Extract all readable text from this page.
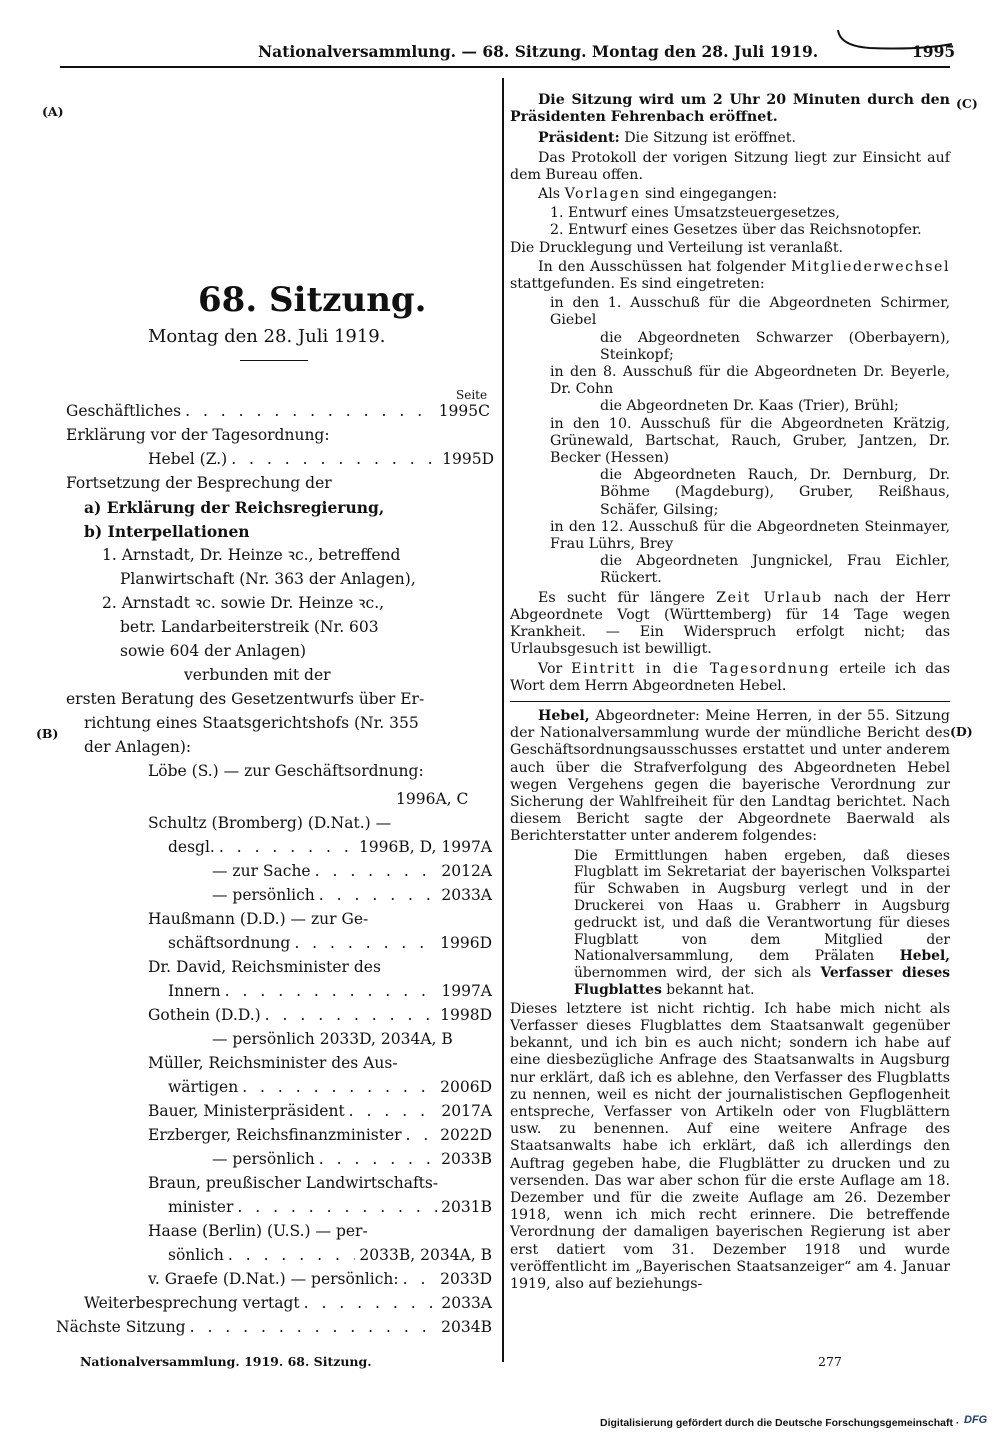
Nationalversammlung. — 68. Sitzung. Montag den 28. Juli 1919.	1995
(A)
(B)
(C)
(D)
68. Sitzung.
Montag den 28. Juli 1919.
Seite
Geschäftliches . . .	1995C
Erklärung vor der Tagesordnung:
Hebel (Z.) . . .	1995D
Fortsetzung der Besprechung der
a) Erklärung der Reichsregierung,
b) Interpellationen
1. Arnstadt, Dr. Heinze ꝛc., betreffend
Planwirtschaft (Nr. 363 der Anlagen),
2. Arnstadt ꝛc. sowie Dr. Heinze ꝛc.,
betr. Landarbeiterstreik (Nr. 603
sowie 604 der Anlagen)
verbunden mit der
ersten Beratung des Gesetzentwurfs über Er-
richtung eines Staatsgerichtshofs (Nr. 355
der Anlagen):
Löbe (S.) — zur Geschäftsordnung:
1996A, C
Schultz (Bromberg) (D.Nat.) —
desgl. . . .	1996B, D, 1997A
— zur Sache . . .	2012A
— persönlich . . .	2033A
Haußmann (D.D.) — zur Ge-
schäftsordnung . . .	1996D
Dr. David, Reichsminister des
Innern . . .	1997A
Gothein (D.D.) . . .	1998D
— persönlich 2033D, 2034A, B
Müller, Reichsminister des Aus-
wärtigen . . .	2006D
Bauer, Ministerpräsident . . .	2017A
Erzberger, Reichsfinanzminister . . . 2022D
— persönlich . . .	2033B
Braun, preußischer Landwirtschafts-
minister . . .	2031B
Haase (Berlin) (U.S.) — per-
sönlich . . .	2033B, 2034A, B
v. Graefe (D.Nat.) — persönlich: . . .	2033D
Weiterbesprechung vertagt . . .	2033A
Nächste Sitzung . . .	2034B

Die Sitzung wird um 2 Uhr 20 Minuten durch den Präsidenten Fehrenbach eröffnet.

Präsident: Die Sitzung ist eröffnet.

Das Protokoll der vorigen Sitzung liegt zur Einsicht auf dem Bureau offen.

Als Vorlagen sind eingegangen:

1. Entwurf eines Umsatzsteuergesetzes,

2. Entwurf eines Gesetzes über das Reichsnotopfer.

Die Drucklegung und Verteilung ist veranlaßt.

In den Ausschüssen hat folgender Mitgliederwechsel stattgefunden. Es sind eingetreten:

in den 1. Ausschuß für die Abgeordneten Schirmer, Giebel

die Abgeordneten Schwarzer (Oberbayern), Steinkopf;

in den 8. Ausschuß für die Abgeordneten Dr. Beyerle, Dr. Cohn

die Abgeordneten Dr. Kaas (Trier), Brühl;

in den 10. Ausschuß für die Abgeordneten Krätzig, Grünewald, Bartschat, Rauch, Gruber, Jantzen, Dr. Becker (Hessen)

die Abgeordneten Rauch, Dr. Dernburg, Dr. Böhme (Magdeburg), Gruber, Reißhaus, Schäfer, Gilsing;

in den 12. Ausschuß für die Abgeordneten Steinmayer, Frau Lührs, Brey

die Abgeordneten Jungnickel, Frau Eichler, Rückert.

Es sucht für längere Zeit Urlaub nach der Herr Abgeordnete Vogt (Württemberg) für 14 Tage wegen Krankheit. — Ein Widerspruch erfolgt nicht; das Urlaubsgesuch ist bewilligt.

Vor Eintritt in die Tagesordnung erteile ich das Wort dem Herrn Abgeordneten Hebel.

Hebel, Abgeordneter: Meine Herren, in der 55. Sitzung der Nationalversammlung wurde der mündliche Bericht des Geschäftsordnungsausschusses erstattet und unter anderem auch über die Strafverfolgung des Abgeordneten Hebel wegen Vergehens gegen die bayerische Verordnung zur Sicherung der Wahlfreiheit für den Landtag berichtet. Nach diesem Bericht sagte der Abgeordnete Baerwald als Berichterstatter unter anderem folgendes:

Die Ermittlungen haben ergeben, daß dieses Flugblatt im Sekretariat der bayerischen Volkspartei für Schwaben in Augsburg verlegt und in der Druckerei von Haas u. Grabherr in Augsburg gedruckt ist, und daß die Verantwortung für dieses Flugblatt von dem Mitglied der Nationalversammlung, dem Prälaten Hebel, übernommen wird, der sich als Verfasser dieses Flugblattes bekannt hat.

Dieses letztere ist nicht richtig. Ich habe mich nicht als Verfasser dieses Flugblattes dem Staatsanwalt gegenüber bekannt, und ich bin es auch nicht; sondern ich habe auf eine diesbezügliche Anfrage des Staatsanwalts in Augsburg nur erklärt, daß ich es ablehne, den Verfasser des Flugblatts zu nennen, weil es nicht der journalistischen Gepflogenheit entspreche, Verfasser von Artikeln oder von Flugblättern usw. zu benennen. Auf eine weitere Anfrage des Staatsanwalts habe ich erklärt, daß ich allerdings den Auftrag gegeben habe, die Flugblätter zu drucken und zu versenden. Das war aber schon für die erste Auflage am 18. Dezember und für die zweite Auflage am 26. Dezember 1918, wenn ich mich recht erinnere. Die betreffende Verordnung der damaligen bayerischen Regierung ist aber erst datiert vom 31. Dezember 1918 und wurde veröffentlicht im „Bayerischen Staatsanzeiger“ am 4. Januar 1919, also auf beziehungs-

Nationalversammlung. 1919. 68. Sitzung.	277
Digitalisierung gefördert durch die Deutsche Forschungsgemeinschaft · DFG
